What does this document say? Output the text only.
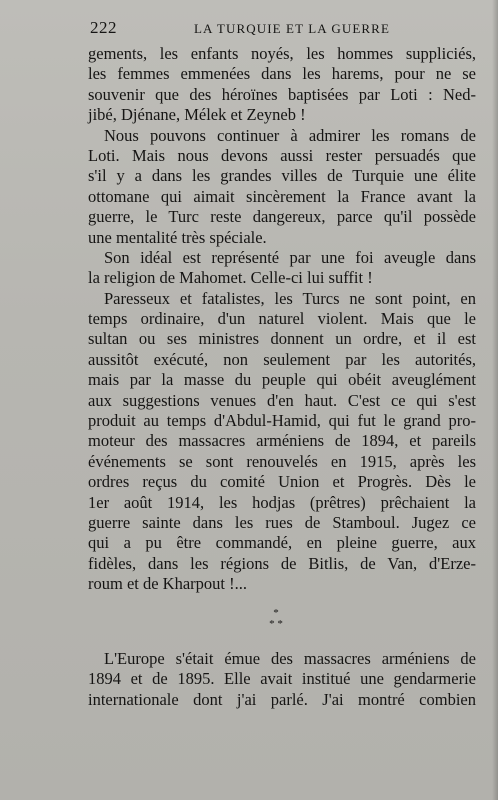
222	LA TURQUIE ET LA GUERRE
gements, les enfants noyés, les hommes suppliciés,
les femmes emmenées dans les harems, pour ne se
souvenir que des héroïnes baptisées par Loti : Ned-
jibé, Djénane, Mélek et Zeyneb !
Nous pouvons continuer à admirer les romans de
Loti. Mais nous devons aussi rester persuadés que
s'il y a dans les grandes villes de Turquie une élite
ottomane qui aimait sincèrement la France avant la
guerre, le Turc reste dangereux, parce qu'il possède
une mentalité très spéciale.
Son idéal est représenté par une foi aveugle dans
la religion de Mahomet. Celle-ci lui suffit !
Paresseux et fatalistes, les Turcs ne sont point, en
temps ordinaire, d'un naturel violent. Mais que le
sultan ou ses ministres donnent un ordre, et il est
aussitôt exécuté, non seulement par les autorités,
mais par la masse du peuple qui obéit aveuglément
aux suggestions venues d'en haut. C'est ce qui s'est
produit au temps d'Abdul-Hamid, qui fut le grand pro-
moteur des massacres arméniens de 1894, et pareils
événements se sont renouvelés en 1915, après les
ordres reçus du comité Union et Progrès. Dès le
1er août 1914, les hodjas (prêtres) prêchaient la
guerre sainte dans les rues de Stamboul. Jugez ce
qui a pu être commandé, en pleine guerre, aux
fidèles, dans les régions de Bitlis, de Van, d'Erze-
roum et de Kharpout !...
*
* *
L'Europe s'était émue des massacres arméniens de
1894 et de 1895. Elle avait institué une gendarmerie
internationale dont j'ai parlé. J'ai montré combien
